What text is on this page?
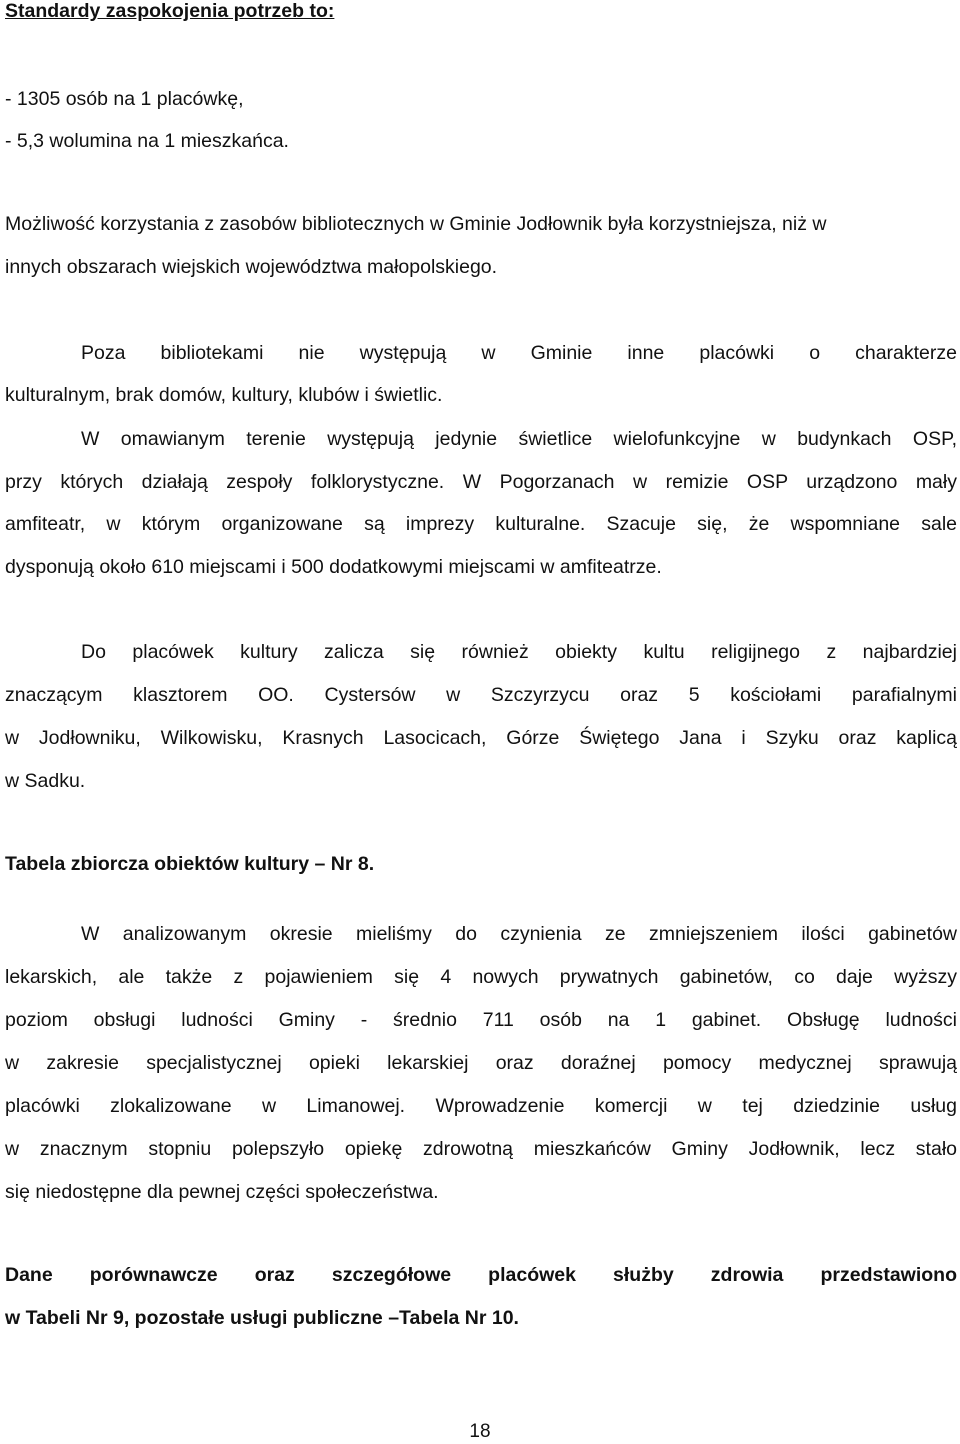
Standardy zaspokojenia potrzeb to:

- 1305 osób na 1 placówkę,

- 5,3 wolumina na 1 mieszkańca.

Możliwość korzystania z zasobów bibliotecznych w Gminie Jodłownik była korzystniejsza, niż w

innych obszarach wiejskich województwa małopolskiego.

Poza bibliotekami nie występują w Gminie inne placówki o charakterze

kulturalnym, brak domów, kultury, klubów i świetlic.

W omawianym terenie występują jedynie świetlice wielofunkcyjne w budynkach OSP,

przy których działają zespoły folklorystyczne. W Pogorzanach w remizie OSP urządzono mały

amfiteatr, w którym organizowane są imprezy kulturalne. Szacuje się, że wspomniane sale

dysponują około 610 miejscami i 500 dodatkowymi miejscami w amfiteatrze.

Do placówek kultury zalicza się również obiekty kultu religijnego z najbardziej

znaczącym klasztorem OO. Cystersów w Szczyrzycu oraz 5 kościołami parafialnymi

w Jodłowniku, Wilkowisku, Krasnych Lasocicach, Górze Świętego Jana i Szyku oraz kaplicą

w Sadku.

Tabela zbiorcza obiektów kultury – Nr 8.

W analizowanym okresie mieliśmy do czynienia ze zmniejszeniem ilości gabinetów

lekarskich, ale także z pojawieniem się 4 nowych prywatnych gabinetów, co daje wyższy

poziom obsługi ludności Gminy - średnio 711 osób na 1 gabinet. Obsługę ludności

w zakresie specjalistycznej opieki lekarskiej oraz doraźnej pomocy medycznej sprawują

placówki zlokalizowane w Limanowej. Wprowadzenie komercji w tej dziedzinie usług

w znacznym stopniu polepszyło opiekę zdrowotną mieszkańców Gminy Jodłownik, lecz stało

się niedostępne dla pewnej części społeczeństwa.

Dane porównawcze oraz szczegółowe placówek służby zdrowia przedstawiono

w Tabeli Nr 9, pozostałe usługi publiczne –Tabela Nr 10.

18
